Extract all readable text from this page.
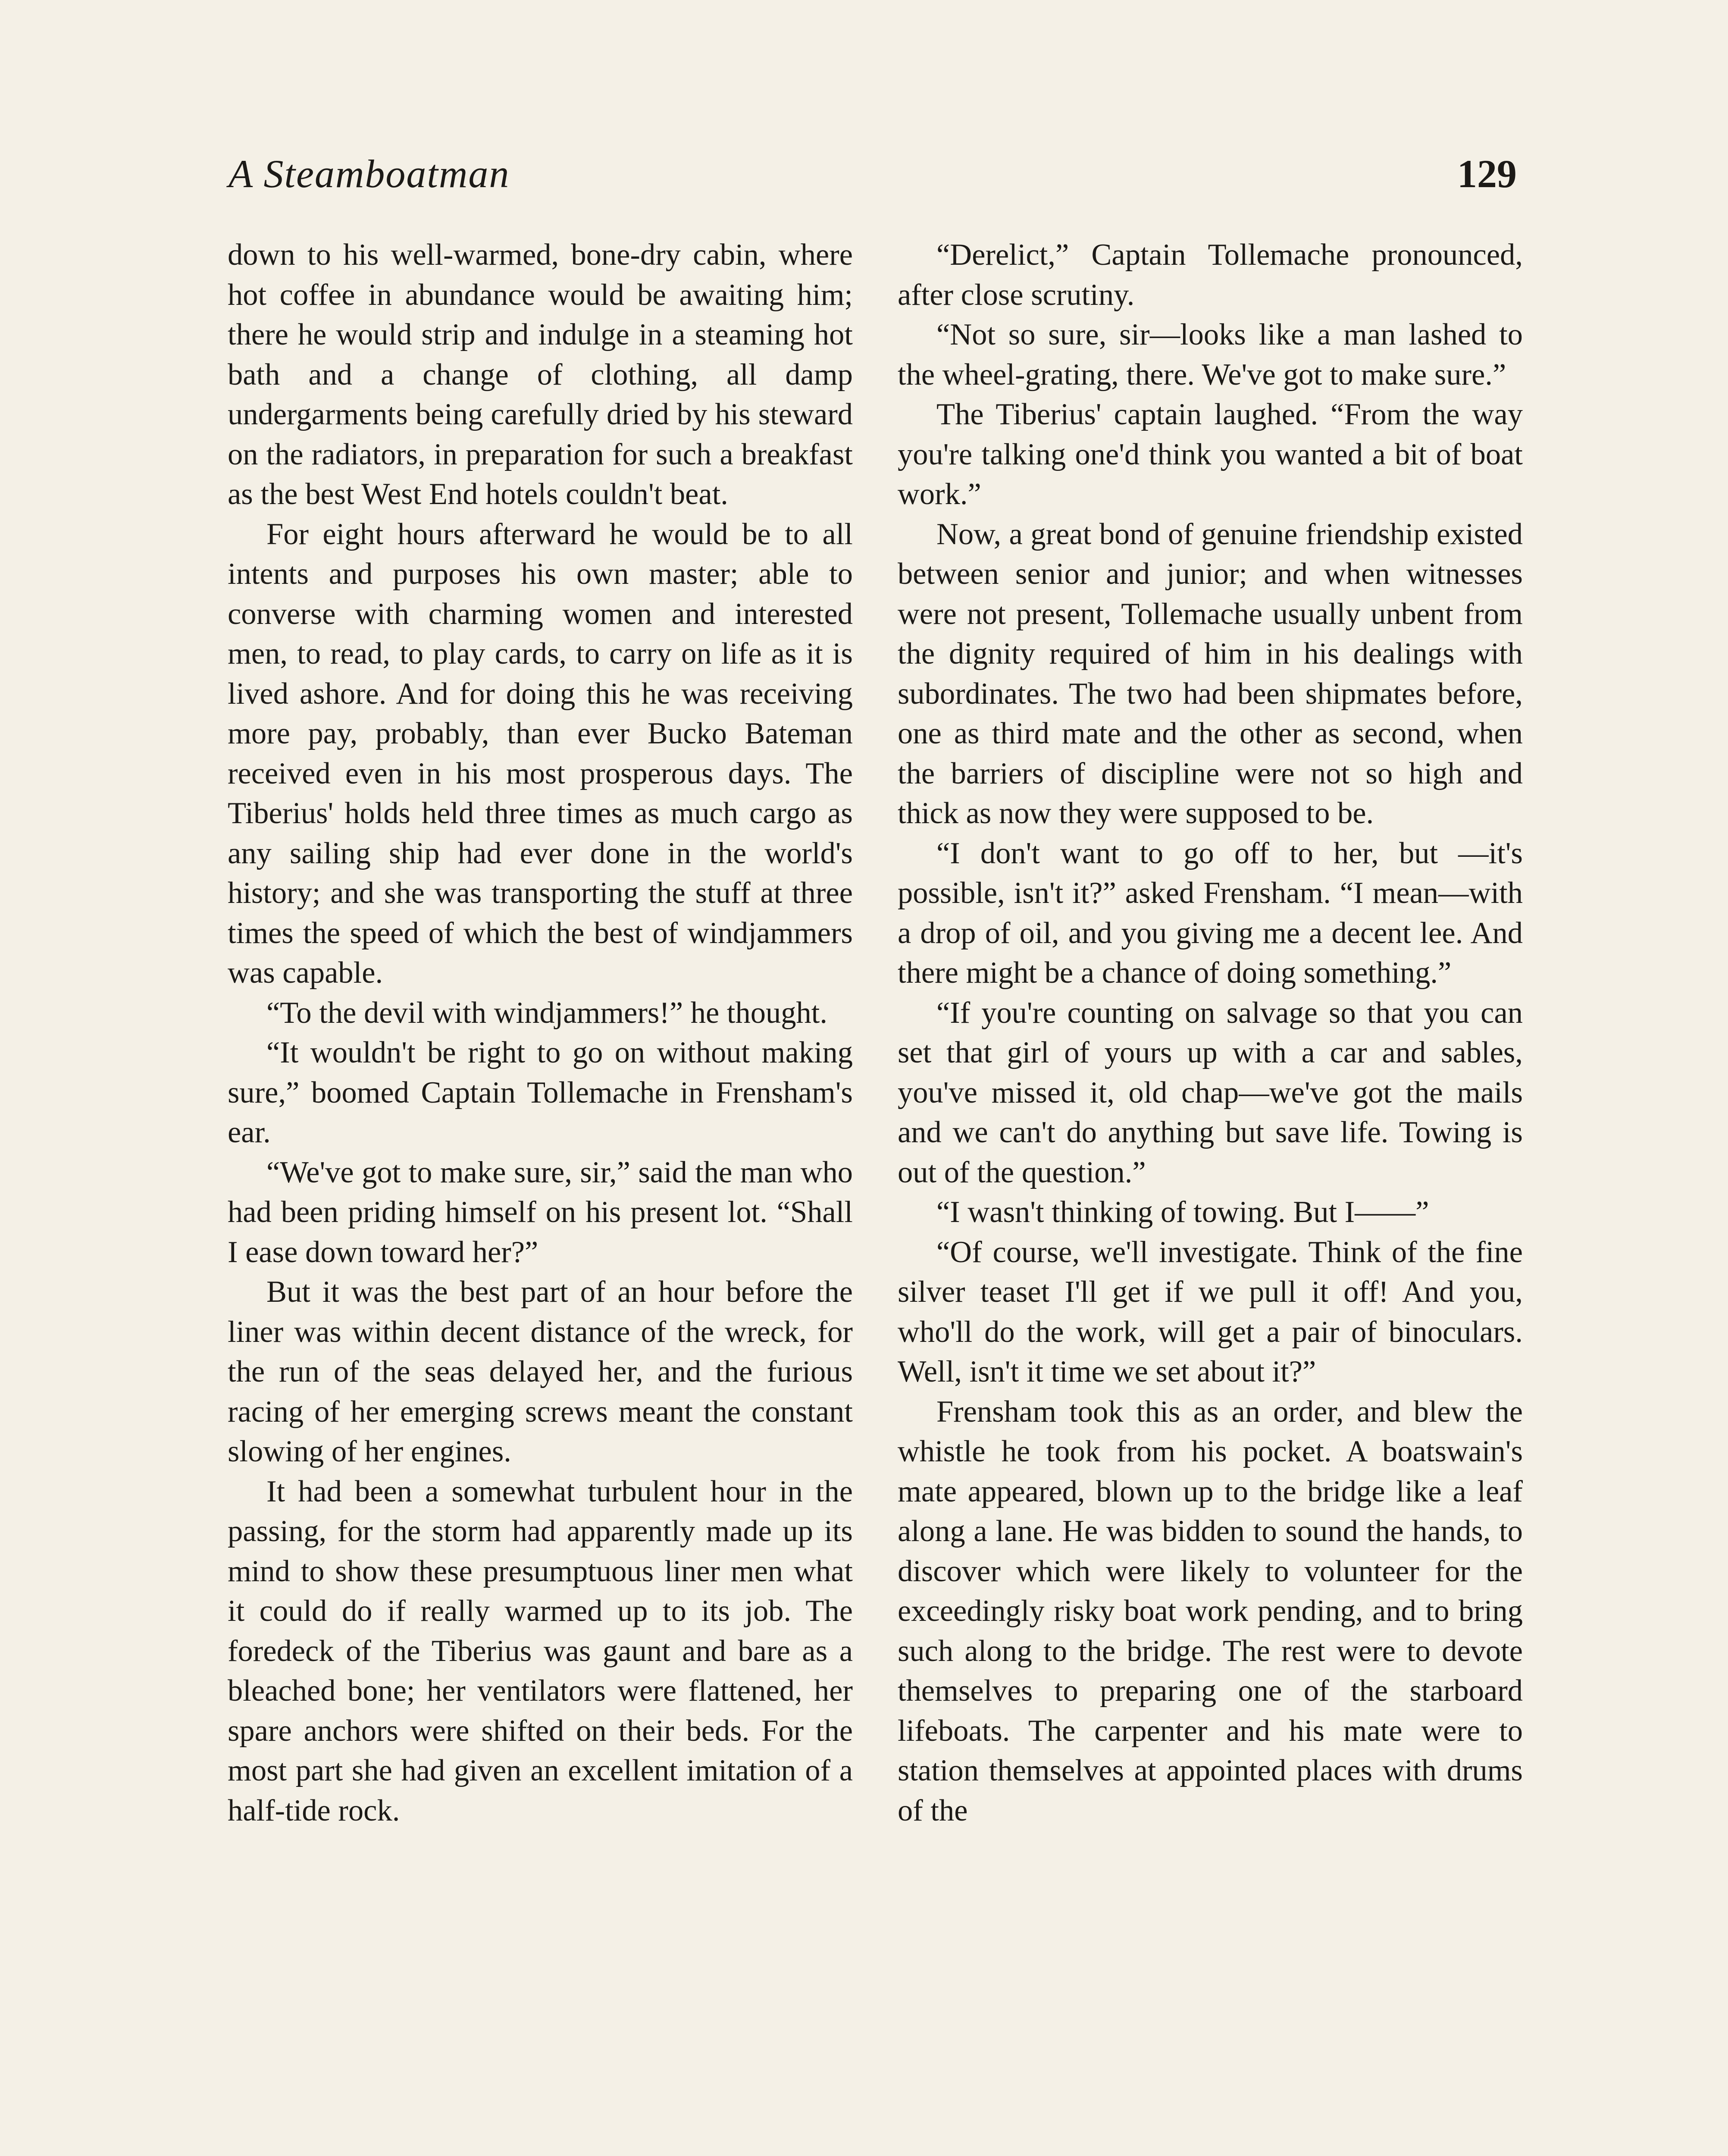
A Steamboatman	129

down to his well-warmed, bone-dry cabin, where hot coffee in abundance would be awaiting him; there he would strip and indulge in a steaming hot bath and a change of clothing, all damp undergarments being carefully dried by his steward on the radiators, in preparation for such a breakfast as the best West End hotels couldn't beat.

For eight hours afterward he would be to all intents and purposes his own master; able to converse with charming women and interested men, to read, to play cards, to carry on life as it is lived ashore. And for doing this he was receiving more pay, probably, than ever Bucko Bateman received even in his most prosperous days. The Tiberius' holds held three times as much cargo as any sailing ship had ever done in the world's history; and she was transporting the stuff at three times the speed of which the best of windjammers was capable.

“To the devil with windjammers!” he thought.

“It wouldn't be right to go on without making sure,” boomed Captain Tollemache in Frensham's ear.

“We've got to make sure, sir,” said the man who had been priding himself on his present lot. “Shall I ease down toward her?”

But it was the best part of an hour before the liner was within decent distance of the wreck, for the run of the seas delayed her, and the furious racing of her emerging screws meant the constant slowing of her engines.

It had been a somewhat turbulent hour in the passing, for the storm had apparently made up its mind to show these presumptuous liner men what it could do if really warmed up to its job. The foredeck of the Tiberius was gaunt and bare as a bleached bone; her ventilators were flattened, her spare anchors were shifted on their beds. For the most part she had given an excellent imitation of a half-tide rock.

“Derelict,” Captain Tollemache pronounced, after close scrutiny.

“Not so sure, sir—looks like a man lashed to the wheel-grating, there. We've got to make sure.”

The Tiberius' captain laughed. “From the way you're talking one'd think you wanted a bit of boat work.”

Now, a great bond of genuine friendship existed between senior and junior; and when witnesses were not present, Tollemache usually unbent from the dignity required of him in his dealings with subordinates. The two had been shipmates before, one as third mate and the other as second, when the barriers of discipline were not so high and thick as now they were supposed to be.

“I don't want to go off to her, but —it's possible, isn't it?” asked Frensham. “I mean—with a drop of oil, and you giving me a decent lee. And there might be a chance of doing something.”

“If you're counting on salvage so that you can set that girl of yours up with a car and sables, you've missed it, old chap—we've got the mails and we can't do anything but save life. Towing is out of the question.”

“I wasn't thinking of towing. But I——”

“Of course, we'll investigate. Think of the fine silver teaset I'll get if we pull it off! And you, who'll do the work, will get a pair of binoculars. Well, isn't it time we set about it?”

Frensham took this as an order, and blew the whistle he took from his pocket. A boatswain's mate appeared, blown up to the bridge like a leaf along a lane. He was bidden to sound the hands, to discover which were likely to volunteer for the exceedingly risky boat work pending, and to bring such along to the bridge. The rest were to devote themselves to preparing one of the starboard lifeboats. The carpenter and his mate were to station themselves at appointed places with drums of the
